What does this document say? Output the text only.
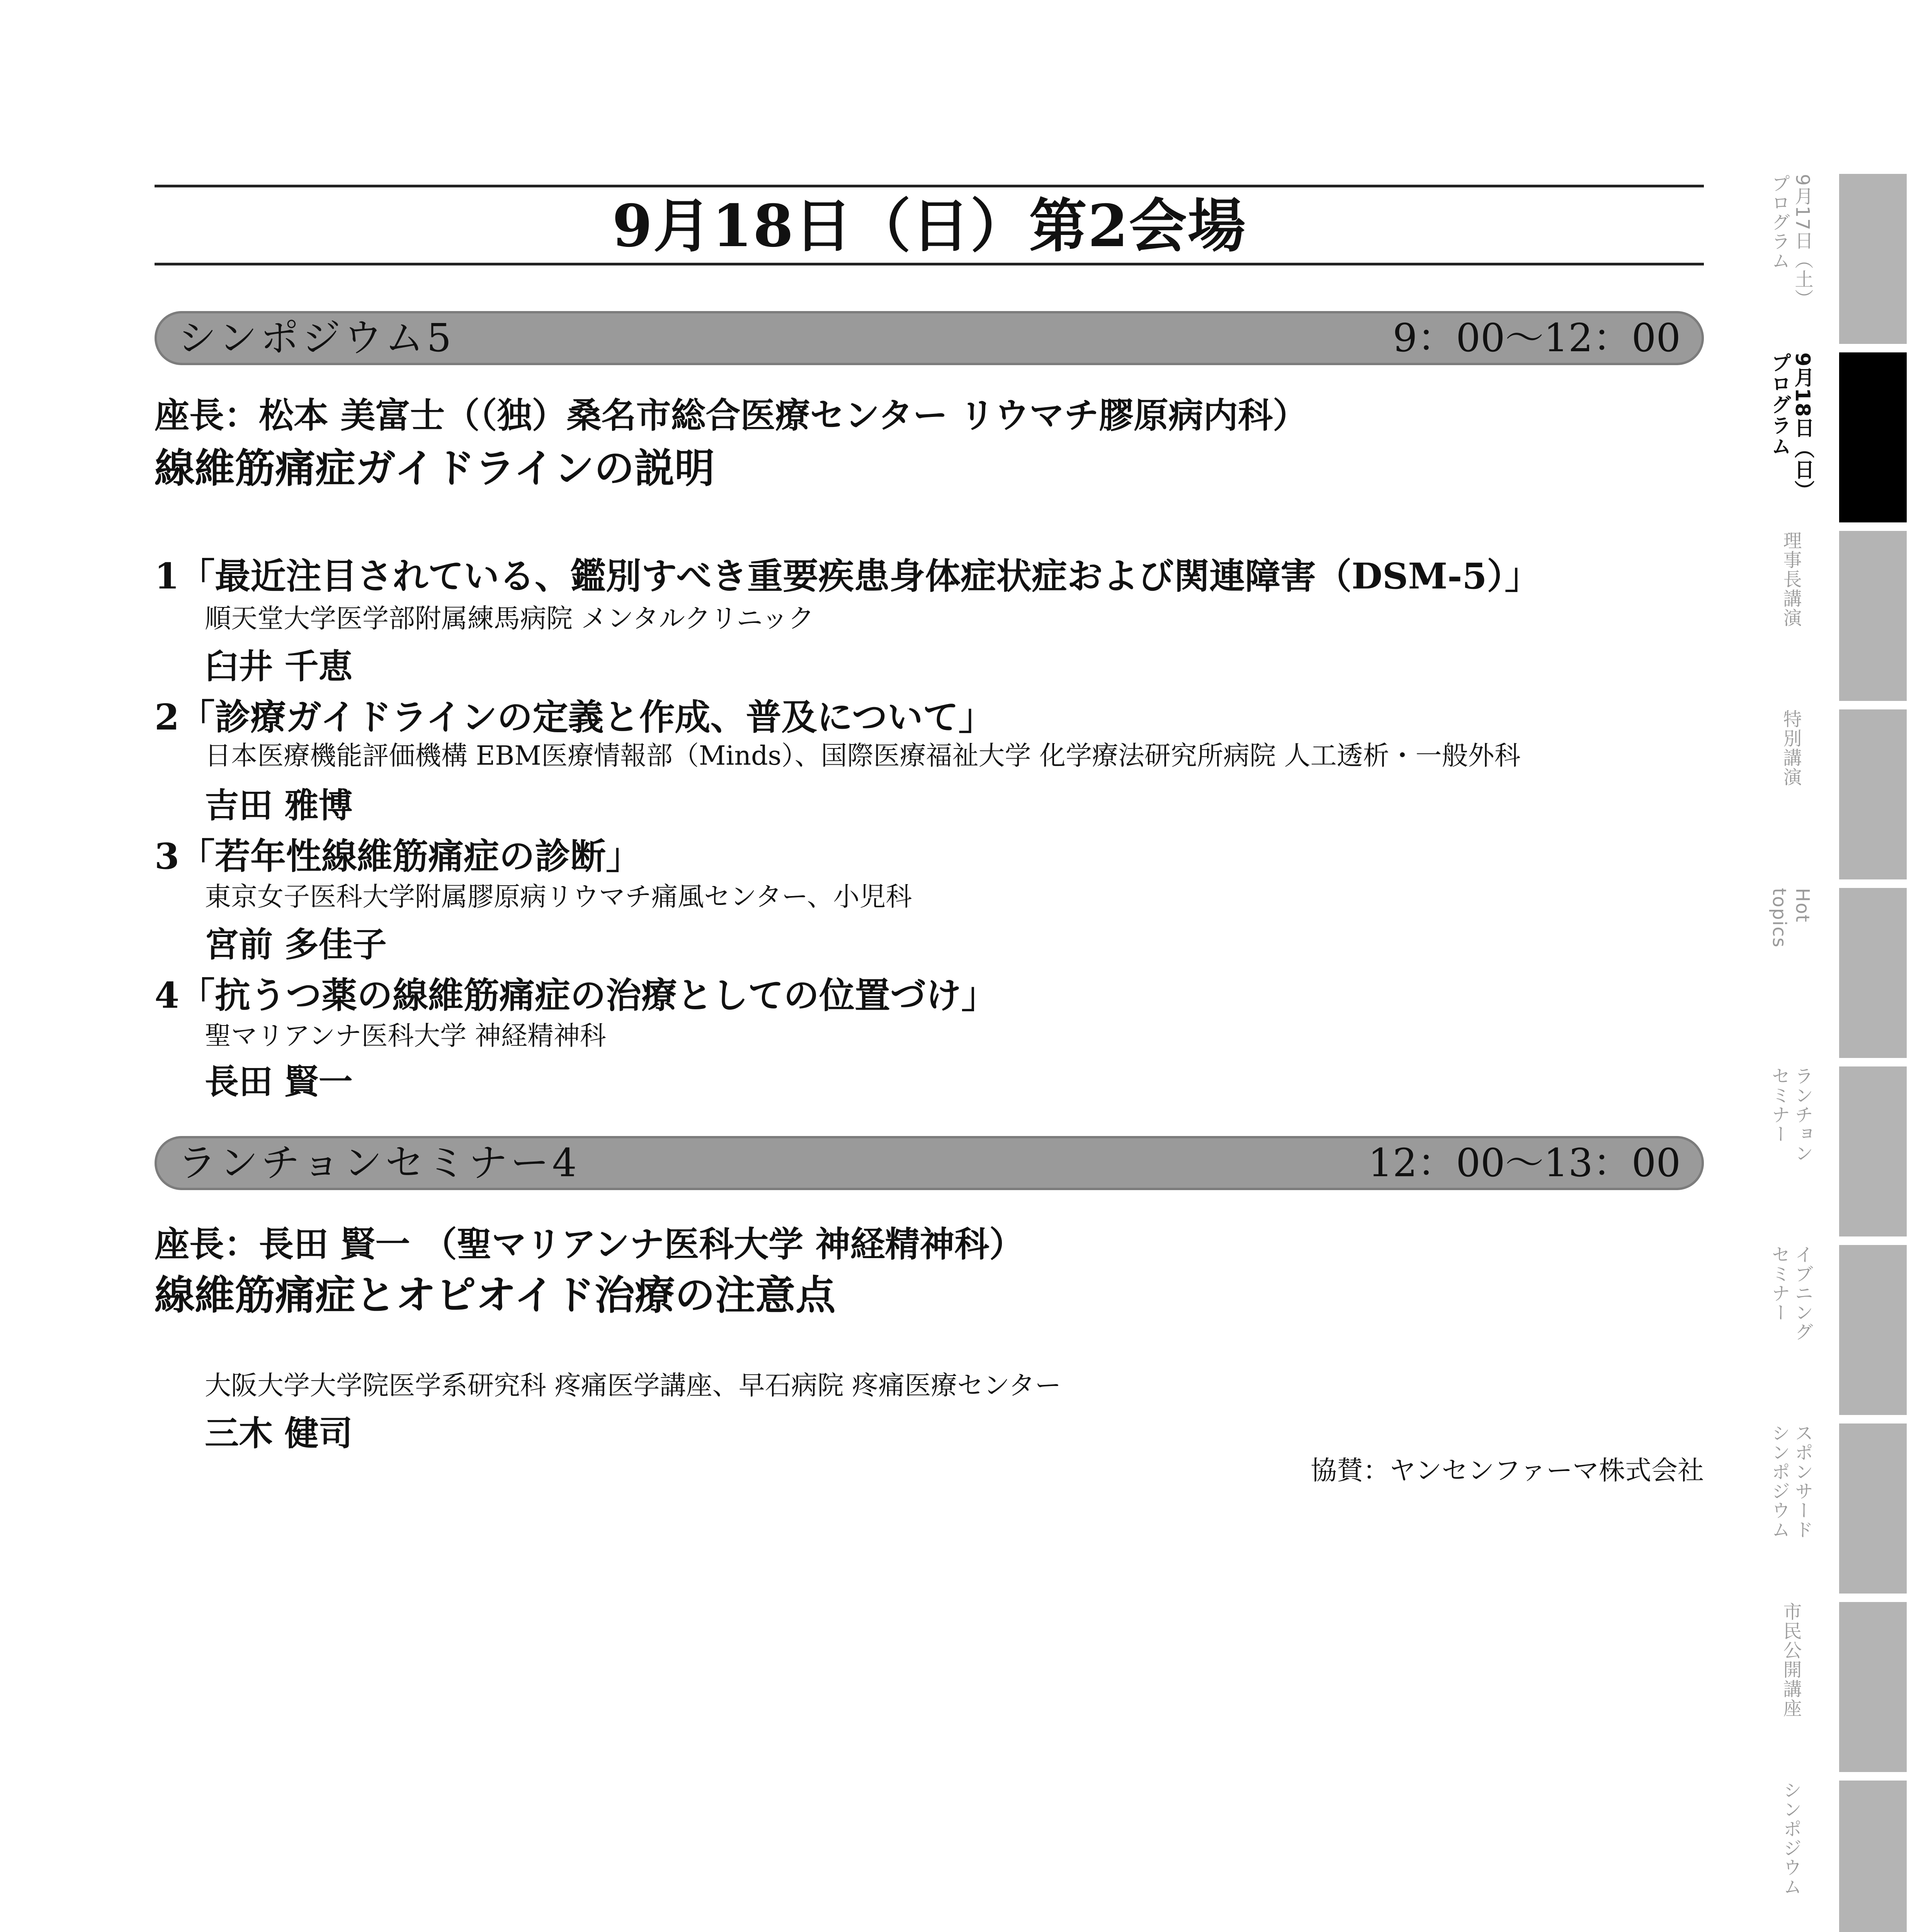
9月18日（日）第2会場
シンポジウム5	9：00～12：00
座長：松本 美富士（（独）桑名市総合医療センター リウマチ膠原病内科）
線維筋痛症ガイドラインの説明
1「最近注目されている、鑑別すべき重要疾患身体症状症および関連障害（DSM-5）」
順天堂大学医学部附属練馬病院 メンタルクリニック
臼井 千恵
2「診療ガイドラインの定義と作成、普及について」
日本医療機能評価機構 EBM医療情報部（Minds）、国際医療福祉大学 化学療法研究所病院 人工透析・一般外科
吉田 雅博
3「若年性線維筋痛症の診断」
東京女子医科大学附属膠原病リウマチ痛風センター、小児科
宮前 多佳子
4「抗うつ薬の線維筋痛症の治療としての位置づけ」
聖マリアンナ医科大学 神経精神科
長田 賢一
ランチョンセミナー4	12：00～13：00
座長：長田 賢一 （聖マリアンナ医科大学 神経精神科）
線維筋痛症とオピオイド治療の注意点
大阪大学大学院医学系研究科 疼痛医学講座、早石病院 疼痛医療センター
三木 健司
協賛：ヤンセンファーマ株式会社
9月17日（土）
プログラム
9月18日（日）
プログラム
理事長講演
特別講演
Hot
topics
ランチョン
セミナー
イブニング
セミナー
スポンサード
シンポジウム
市民公開講座
シンポジウム
